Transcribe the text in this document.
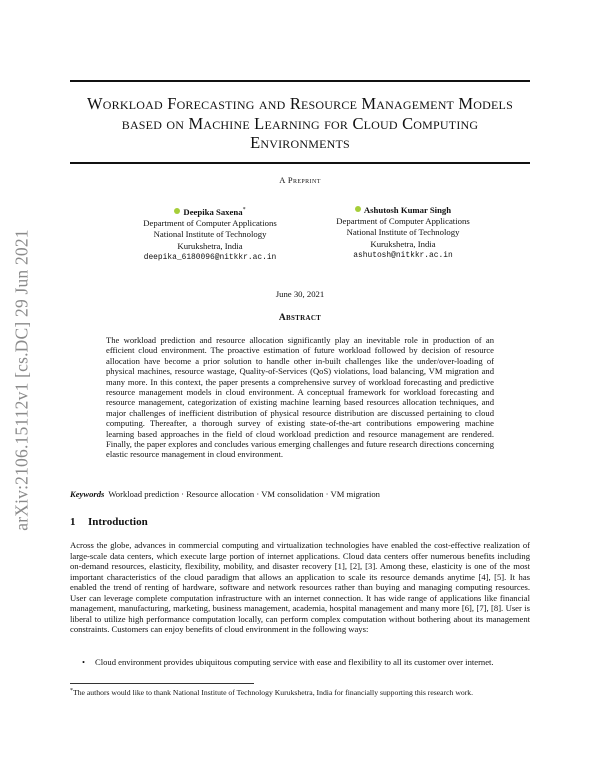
arXiv:2106.15112v1 [cs.DC] 29 Jun 2021
Workload Forecasting and Resource Management Models based on Machine Learning for Cloud Computing Environments
A Preprint
Deepika Saxena*
Department of Computer Applications
National Institute of Technology
Kurukshetra, India
deepika_6180096@nitkkr.ac.in
Ashutosh Kumar Singh
Department of Computer Applications
National Institute of Technology
Kurukshetra, India
ashutosh@nitkkr.ac.in
June 30, 2021
Abstract
The workload prediction and resource allocation significantly play an inevitable role in production of an efficient cloud environment. The proactive estimation of future workload followed by decision of resource allocation have become a prior solution to handle other in-built challenges like the under/over-loading of physical machines, resource wastage, Quality-of-Services (QoS) violations, load balancing, VM migration and many more. In this context, the paper presents a comprehensive survey of workload forecasting and predictive resource management models in cloud environment. A conceptual framework for workload forecasting and resource management, categorization of existing machine learning based resources allocation techniques, and major challenges of inefficient distribution of physical resource distribution are discussed pertaining to cloud computing. Thereafter, a thorough survey of existing state-of-the-art contributions empowering machine learning based approaches in the field of cloud workload prediction and resource management are rendered. Finally, the paper explores and concludes various emerging challenges and future research directions concerning elastic resource management in cloud environment.
Keywords Workload prediction · Resource allocation · VM consolidation · VM migration
1 Introduction
Across the globe, advances in commercial computing and virtualization technologies have enabled the cost-effective realization of large-scale data centers, which execute large portion of internet applications. Cloud data centers offer numerous benefits including on-demand resources, elasticity, flexibility, mobility, and disaster recovery [1], [2], [3]. Among these, elasticity is one of the most important characteristics of the cloud paradigm that allows an application to scale its resource demands anytime [4], [5]. It has enabled the trend of renting of hardware, software and network resources rather than buying and managing computing resources. User can leverage complete computation infrastructure with an internet connection. It has wide range of applications like financial management, manufacturing, marketing, business management, academia, hospital management and many more [6], [7], [8]. User is liberal to utilize high performance computation locally, can perform complex computation without bothering about its management constraints. Customers can enjoy benefits of cloud environment in the following ways:
• Cloud environment provides ubiquitous computing service with ease and flexibility to all its customer over internet.
*The authors would like to thank National Institute of Technology Kurukshetra, India for financially supporting this research work.
